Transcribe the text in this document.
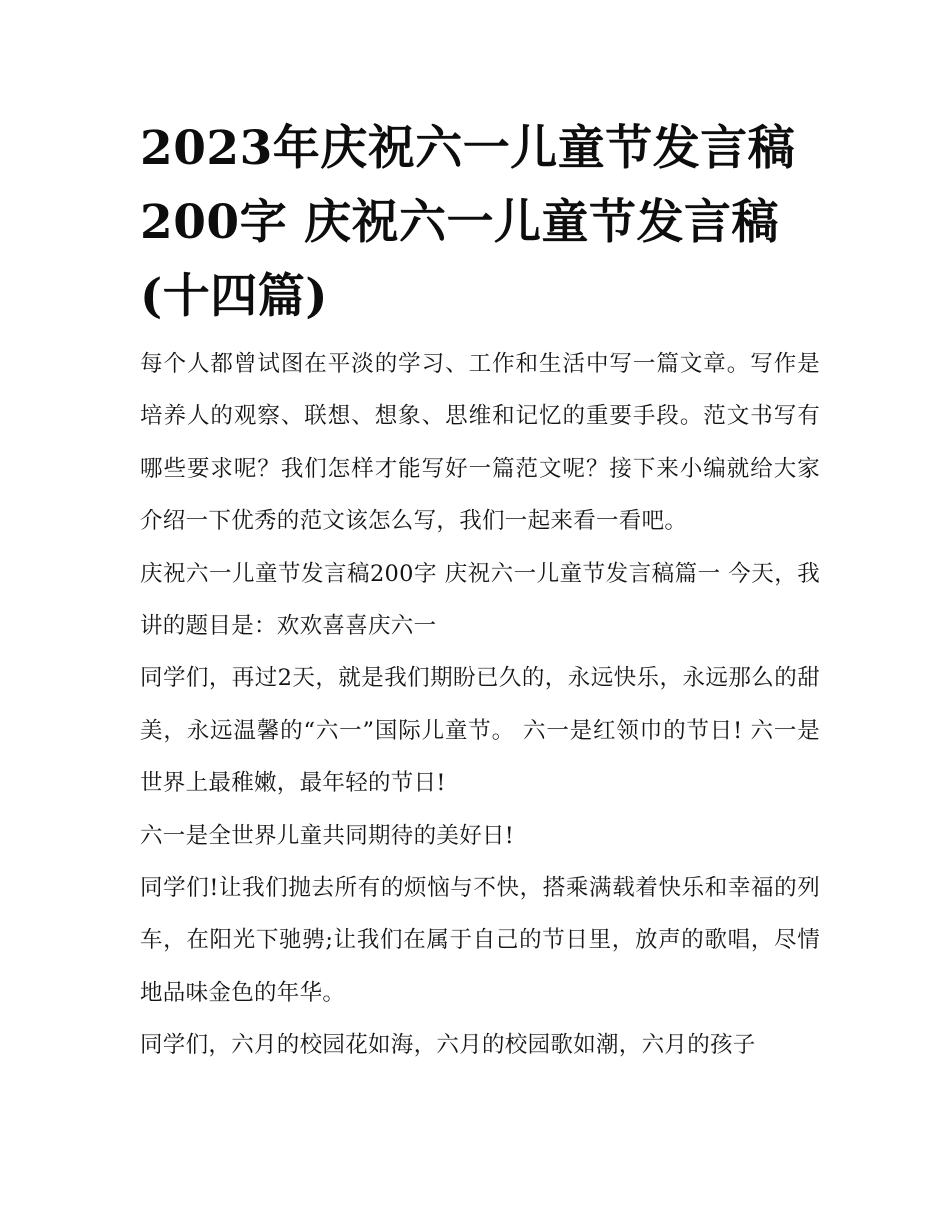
2023年庆祝六一儿童节发言稿200字 庆祝六一儿童节发言稿(十四篇)

每个人都曾试图在平淡的学习、工作和生活中写一篇文章。写作是培养人的观察、联想、想象、思维和记忆的重要手段。范文书写有哪些要求呢？我们怎样才能写好一篇范文呢？接下来小编就给大家介绍一下优秀的范文该怎么写，我们一起来看一看吧。

庆祝六一儿童节发言稿200字 庆祝六一儿童节发言稿篇一 今天，我讲的题目是：欢欢喜喜庆六一

同学们，再过2天，就是我们期盼已久的，永远快乐，永远那么的甜美，永远温馨的“六一”国际儿童节。 六一是红领巾的节日! 六一是世界上最稚嫩，最年轻的节日!

六一是全世界儿童共同期待的美好日!

同学们!让我们抛去所有的烦恼与不快，搭乘满载着快乐和幸福的列车，在阳光下驰骋;让我们在属于自己的节日里，放声的歌唱，尽情地品味金色的年华。

同学们，六月的校园花如海，六月的校园歌如潮，六月的孩子
